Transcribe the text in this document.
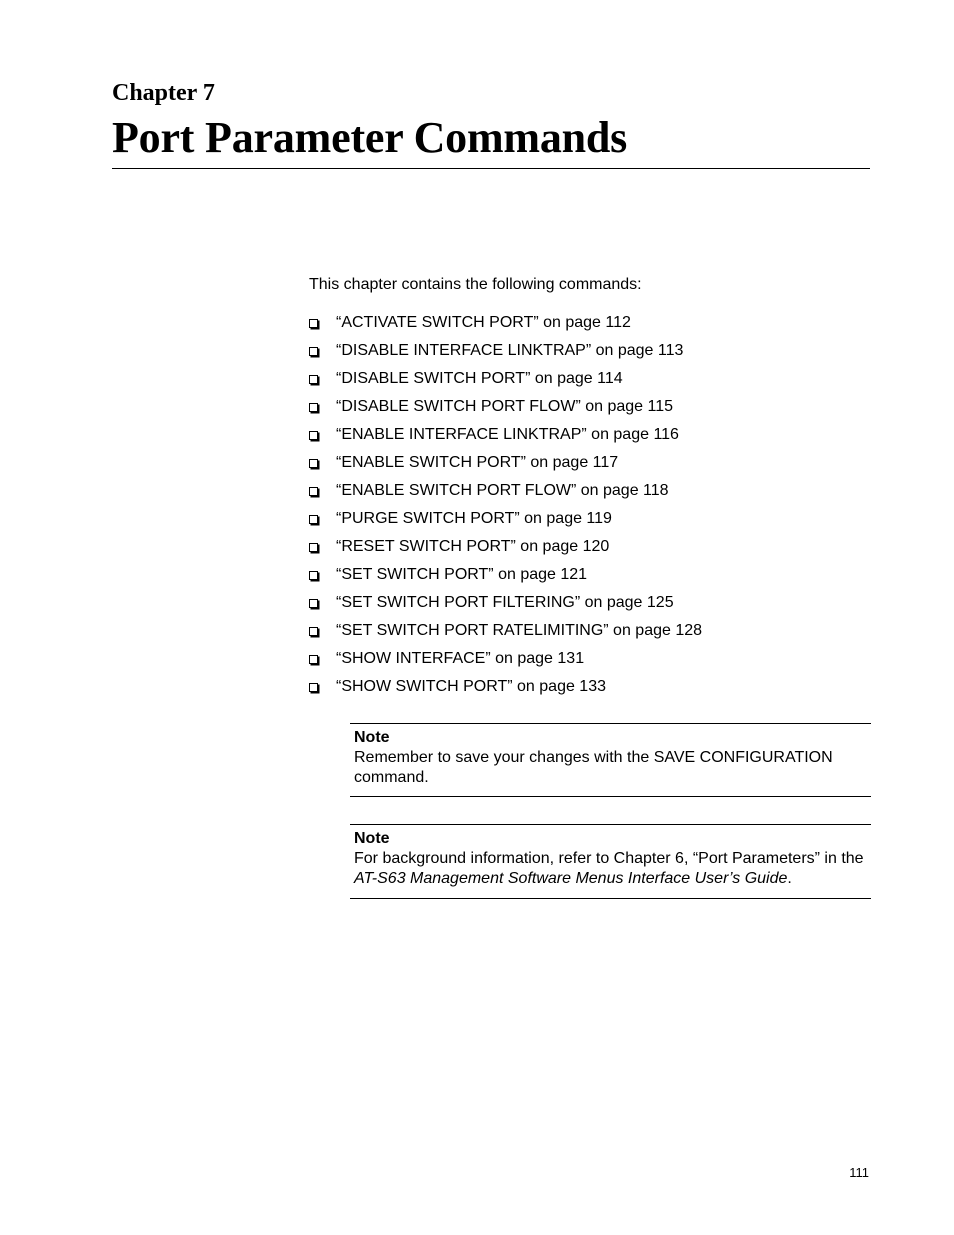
Chapter 7
Port Parameter Commands
This chapter contains the following commands:
“ACTIVATE SWITCH PORT” on page 112
“DISABLE INTERFACE LINKTRAP” on page 113
“DISABLE SWITCH PORT” on page 114
“DISABLE SWITCH PORT FLOW” on page 115
“ENABLE INTERFACE LINKTRAP” on page 116
“ENABLE SWITCH PORT” on page 117
“ENABLE SWITCH PORT FLOW” on page 118
“PURGE SWITCH PORT” on page 119
“RESET SWITCH PORT” on page 120
“SET SWITCH PORT” on page 121
“SET SWITCH PORT FILTERING” on page 125
“SET SWITCH PORT RATELIMITING” on page 128
“SHOW INTERFACE” on page 131
“SHOW SWITCH PORT” on page 133
Note
Remember to save your changes with the SAVE CONFIGURATION command.
Note
For background information, refer to Chapter 6, “Port Parameters” in the AT-S63 Management Software Menus Interface User’s Guide.
111
